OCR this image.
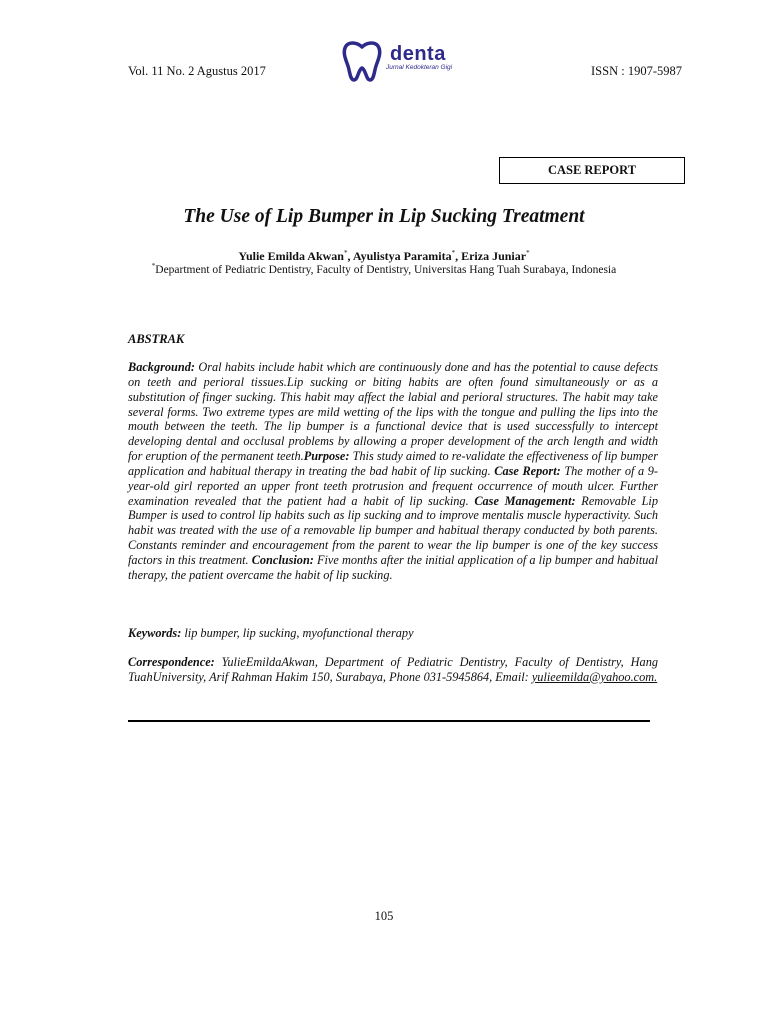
Vol. 11 No. 2 Agustus 2017
denta
Jurnal Kedokteran Gigi	ISSN : 1907-5987
CASE REPORT
The Use of Lip Bumper in Lip Sucking Treatment
Yulie Emilda Akwan*, Ayulistya Paramita*, Eriza Juniar*
*Department of Pediatric Dentistry, Faculty of Dentistry, Universitas Hang Tuah Surabaya, Indonesia
ABSTRAK
Background: Oral habits include habit which are continuously done and has the potential to cause defects on teeth and perioral tissues.Lip sucking or biting habits are often found simultaneously or as a substitution of finger sucking. This habit may affect the labial and perioral structures. The habit may take several forms. Two extreme types are mild wetting of the lips with the tongue and pulling the lips into the mouth between the teeth. The lip bumper is a functional device that is used successfully to intercept developing dental and occlusal problems by allowing a proper development of the arch length and width for eruption of the permanent teeth.Purpose: This study aimed to re-validate the effectiveness of lip bumper application and habitual therapy in treating the bad habit of lip sucking. Case Report: The mother of a 9-year-old girl reported an upper front teeth protrusion and frequent occurrence of mouth ulcer. Further examination revealed that the patient had a habit of lip sucking. Case Management: Removable Lip Bumper is used to control lip habits such as lip sucking and to improve mentalis muscle hyperactivity. Such habit was treated with the use of a removable lip bumper and habitual therapy conducted by both parents. Constants reminder and encouragement from the parent to wear the lip bumper is one of the key success factors in this treatment. Conclusion: Five months after the initial application of a lip bumper and habitual therapy, the patient overcame the habit of lip sucking.
Keywords: lip bumper, lip sucking, myofunctional therapy
Correspondence: YulieEmildaAkwan, Department of Pediatric Dentistry, Faculty of Dentistry, Hang TuahUniversity, Arif Rahman Hakim 150, Surabaya, Phone 031-5945864, Email: yulieemilda@yahoo.com.
105
